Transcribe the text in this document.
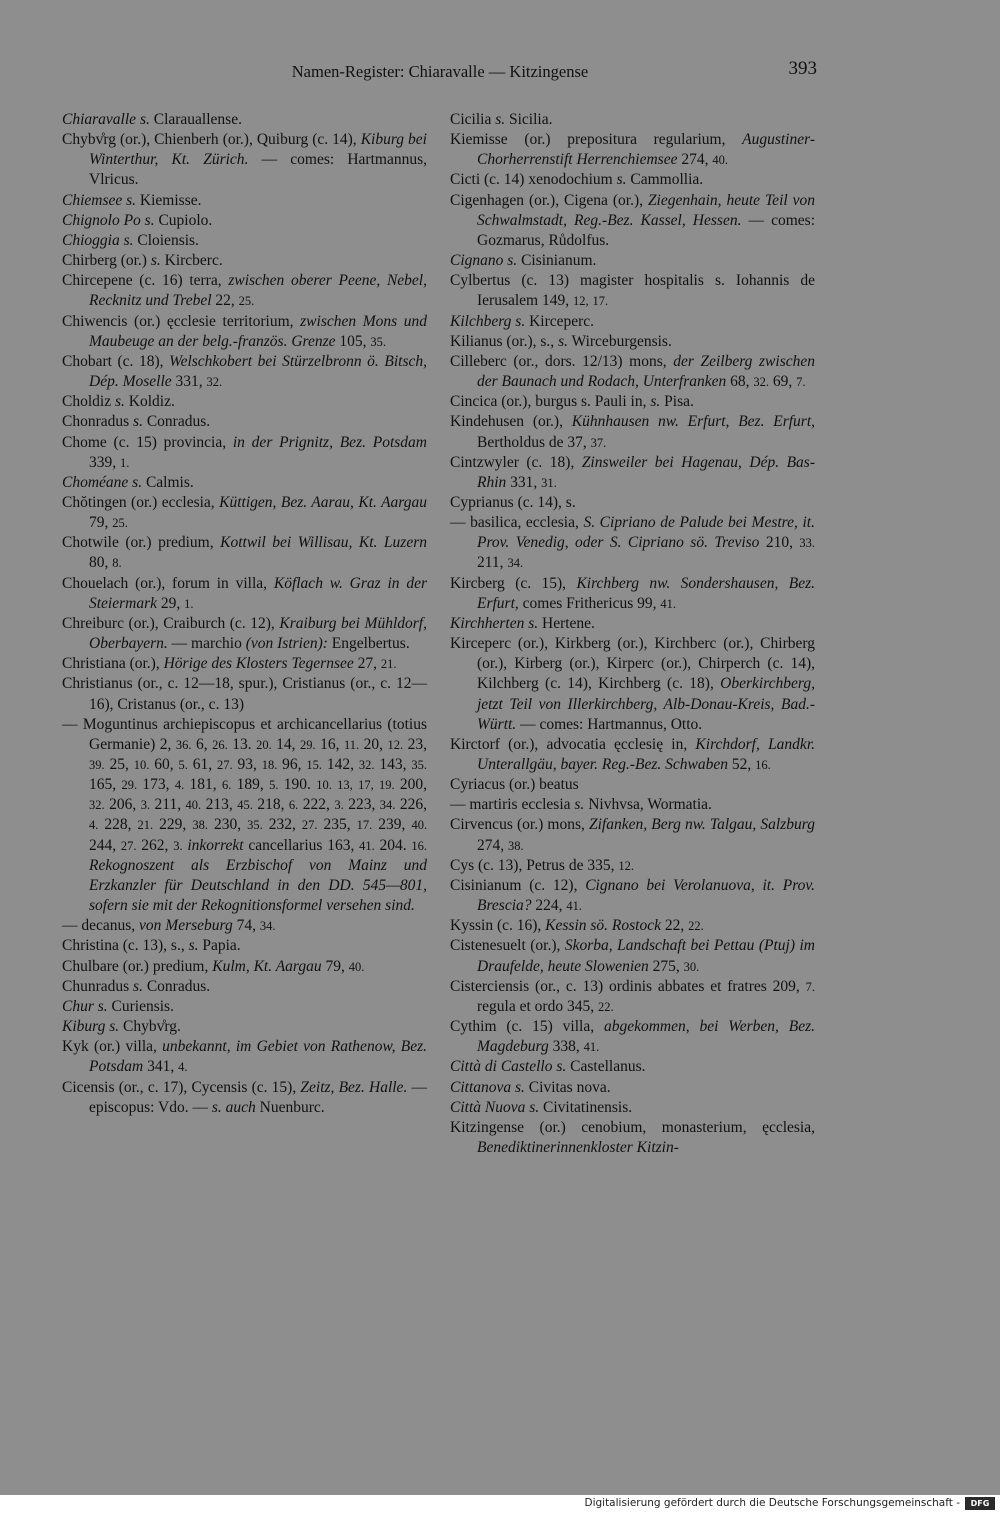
Namen-Register: Chiaravalle — Kitzingense	393
Chiaravalle s. Clarauallense.
Chybv̊rg (or.), Chienberh (or.), Quiburg (c. 14), Kiburg bei Winterthur, Kt. Zürich. — comes: Hartmannus, Vlricus.
Chiemsee s. Kiemisse.
Chignolo Po s. Cupiolo.
Chioggia s. Cloiensis.
Chirberg (or.) s. Kircberc.
Chircepene (c. 16) terra, zwischen oberer Peene, Nebel, Recknitz und Trebel 22, 25.
Chiwencis (or.) ęcclesie territorium, zwischen Mons und Maubeuge an der belg.-französ. Grenze 105, 35.
Chobart (c. 18), Welschkobert bei Stürzelbronn ö. Bitsch, Dép. Moselle 331, 32.
Choldiz s. Koldiz.
Chonradus s. Conradus.
Chome (c. 15) provincia, in der Prignitz, Bez. Potsdam 339, 1.
Choméane s. Calmis.
Chŏtingen (or.) ecclesia, Küttigen, Bez. Aarau, Kt. Aargau 79, 25.
Chotwile (or.) predium, Kottwil bei Willisau, Kt. Luzern 80, 8.
Chouelach (or.), forum in villa, Köflach w. Graz in der Steiermark 29, 1.
Chreiburc (or.), Craiburch (c. 12), Kraiburg bei Mühldorf, Oberbayern. — marchio (von Istrien): Engelbertus.
Christiana (or.), Hörige des Klosters Tegernsee 27, 21.
Christianus (or., c. 12—18, spur.), Cristianus (or., c. 12—16), Cristanus (or., c. 13)
— Moguntinus archiepiscopus et archicancellarius (totius Germanie) 2, 36. 6, 26. 13. 20. 14, 29. 16, 11. 20, 12. 23, 39. 25, 10. 60, 5. 61, 27. 93, 18. 96, 15. 142, 32. 143, 35. 165, 29. 173, 4. 181, 6. 189, 5. 190. 10. 13, 17, 19. 200, 32. 206, 3. 211, 40. 213, 45. 218, 6. 222, 3. 223, 34. 226, 4. 228, 21. 229, 38. 230, 35. 232, 27. 235, 17. 239, 40. 244, 27. 262, 3. inkorrekt cancellarius 163, 41. 204. 16. Rekognoszent als Erzbischof von Mainz und Erzkanzler für Deutschland in den DD. 545—801, sofern sie mit der Rekognitionsformel versehen sind.
— decanus, von Merseburg 74, 34.
Christina (c. 13), s., s. Papia.
Chulbare (or.) predium, Kulm, Kt. Aargau 79, 40.
Chunradus s. Conradus.
Chur s. Curiensis.
Kiburg s. Chybv̊rg.
Kyk (or.) villa, unbekannt, im Gebiet von Rathenow, Bez. Potsdam 341, 4.
Cicensis (or., c. 17), Cycensis (c. 15), Zeitz, Bez. Halle. — episcopus: Vdo. — s. auch Nuenburc.
Cicilia s. Sicilia.
Kiemisse (or.) prepositura regularium, Augustiner-Chorherrenstift Herrenchiemsee 274, 40.
Cicti (c. 14) xenodochium s. Cammollia.
Cigenhagen (or.), Cigena (or.), Ziegenhain, heute Teil von Schwalmstadt, Reg.-Bez. Kassel, Hessen. — comes: Gozmarus, Růdolfus.
Cignano s. Cisinianum.
Cylbertus (c. 13) magister hospitalis s. Iohannis de Ierusalem 149, 12, 17.
Kilchberg s. Kirceperc.
Kilianus (or.), s., s. Wirceburgensis.
Cilleberc (or., dors. 12/13) mons, der Zeilberg zwischen der Baunach und Rodach, Unterfranken 68, 32. 69, 7.
Cincica (or.), burgus s. Pauli in, s. Pisa.
Kindehusen (or.), Kühnhausen nw. Erfurt, Bez. Erfurt, Bertholdus de 37, 37.
Cintzwyler (c. 18), Zinsweiler bei Hagenau, Dép. Bas-Rhin 331, 31.
Cyprianus (c. 14), s.
— basilica, ecclesia, S. Cipriano de Palude bei Mestre, it. Prov. Venedig, oder S. Cipriano sö. Treviso 210, 33. 211, 34.
Kircberg (c. 15), Kirchberg nw. Sondershausen, Bez. Erfurt, comes Frithericus 99, 41.
Kirchherten s. Hertene.
Kirceperc (or.), Kirkberg (or.), Kirchberc (or.), Chirberg (or.), Kirberg (or.), Kirperc (or.), Chirperch (c. 14), Kilchberg (c. 14), Kirchberg (c. 18), Oberkirchberg, jetzt Teil von Illerkirchberg, Alb-Donau-Kreis, Bad.-Württ. — comes: Hartmannus, Otto.
Kirctorf (or.), advocatia ęcclesię in, Kirchdorf, Landkr. Unterallgäu, bayer. Reg.-Bez. Schwaben 52, 16.
Cyriacus (or.) beatus
— martiris ecclesia s. Nivhvsa, Wormatia.
Cirvencus (or.) mons, Zifanken, Berg nw. Talgau, Salzburg 274, 38.
Cys (c. 13), Petrus de 335, 12.
Cisinianum (c. 12), Cignano bei Verolanuova, it. Prov. Brescia? 224, 41.
Kyssin (c. 16), Kessin sö. Rostock 22, 22.
Cistenesuelt (or.), Skorba, Landschaft bei Pettau (Ptuj) im Draufelde, heute Slowenien 275, 30.
Cisterciensis (or., c. 13) ordinis abbates et fratres 209, 7. regula et ordo 345, 22.
Cythim (c. 15) villa, abgekommen, bei Werben, Bez. Magdeburg 338, 41.
Città di Castello s. Castellanus.
Cittanova s. Civitas nova.
Città Nuova s. Civitatinensis.
Kitzingense (or.) cenobium, monasterium, ęcclesia, Benediktinerinnenkloster Kitzin-
Digitalisierung gefördert durch die Deutsche Forschungsgemeinschaft -	DFG
